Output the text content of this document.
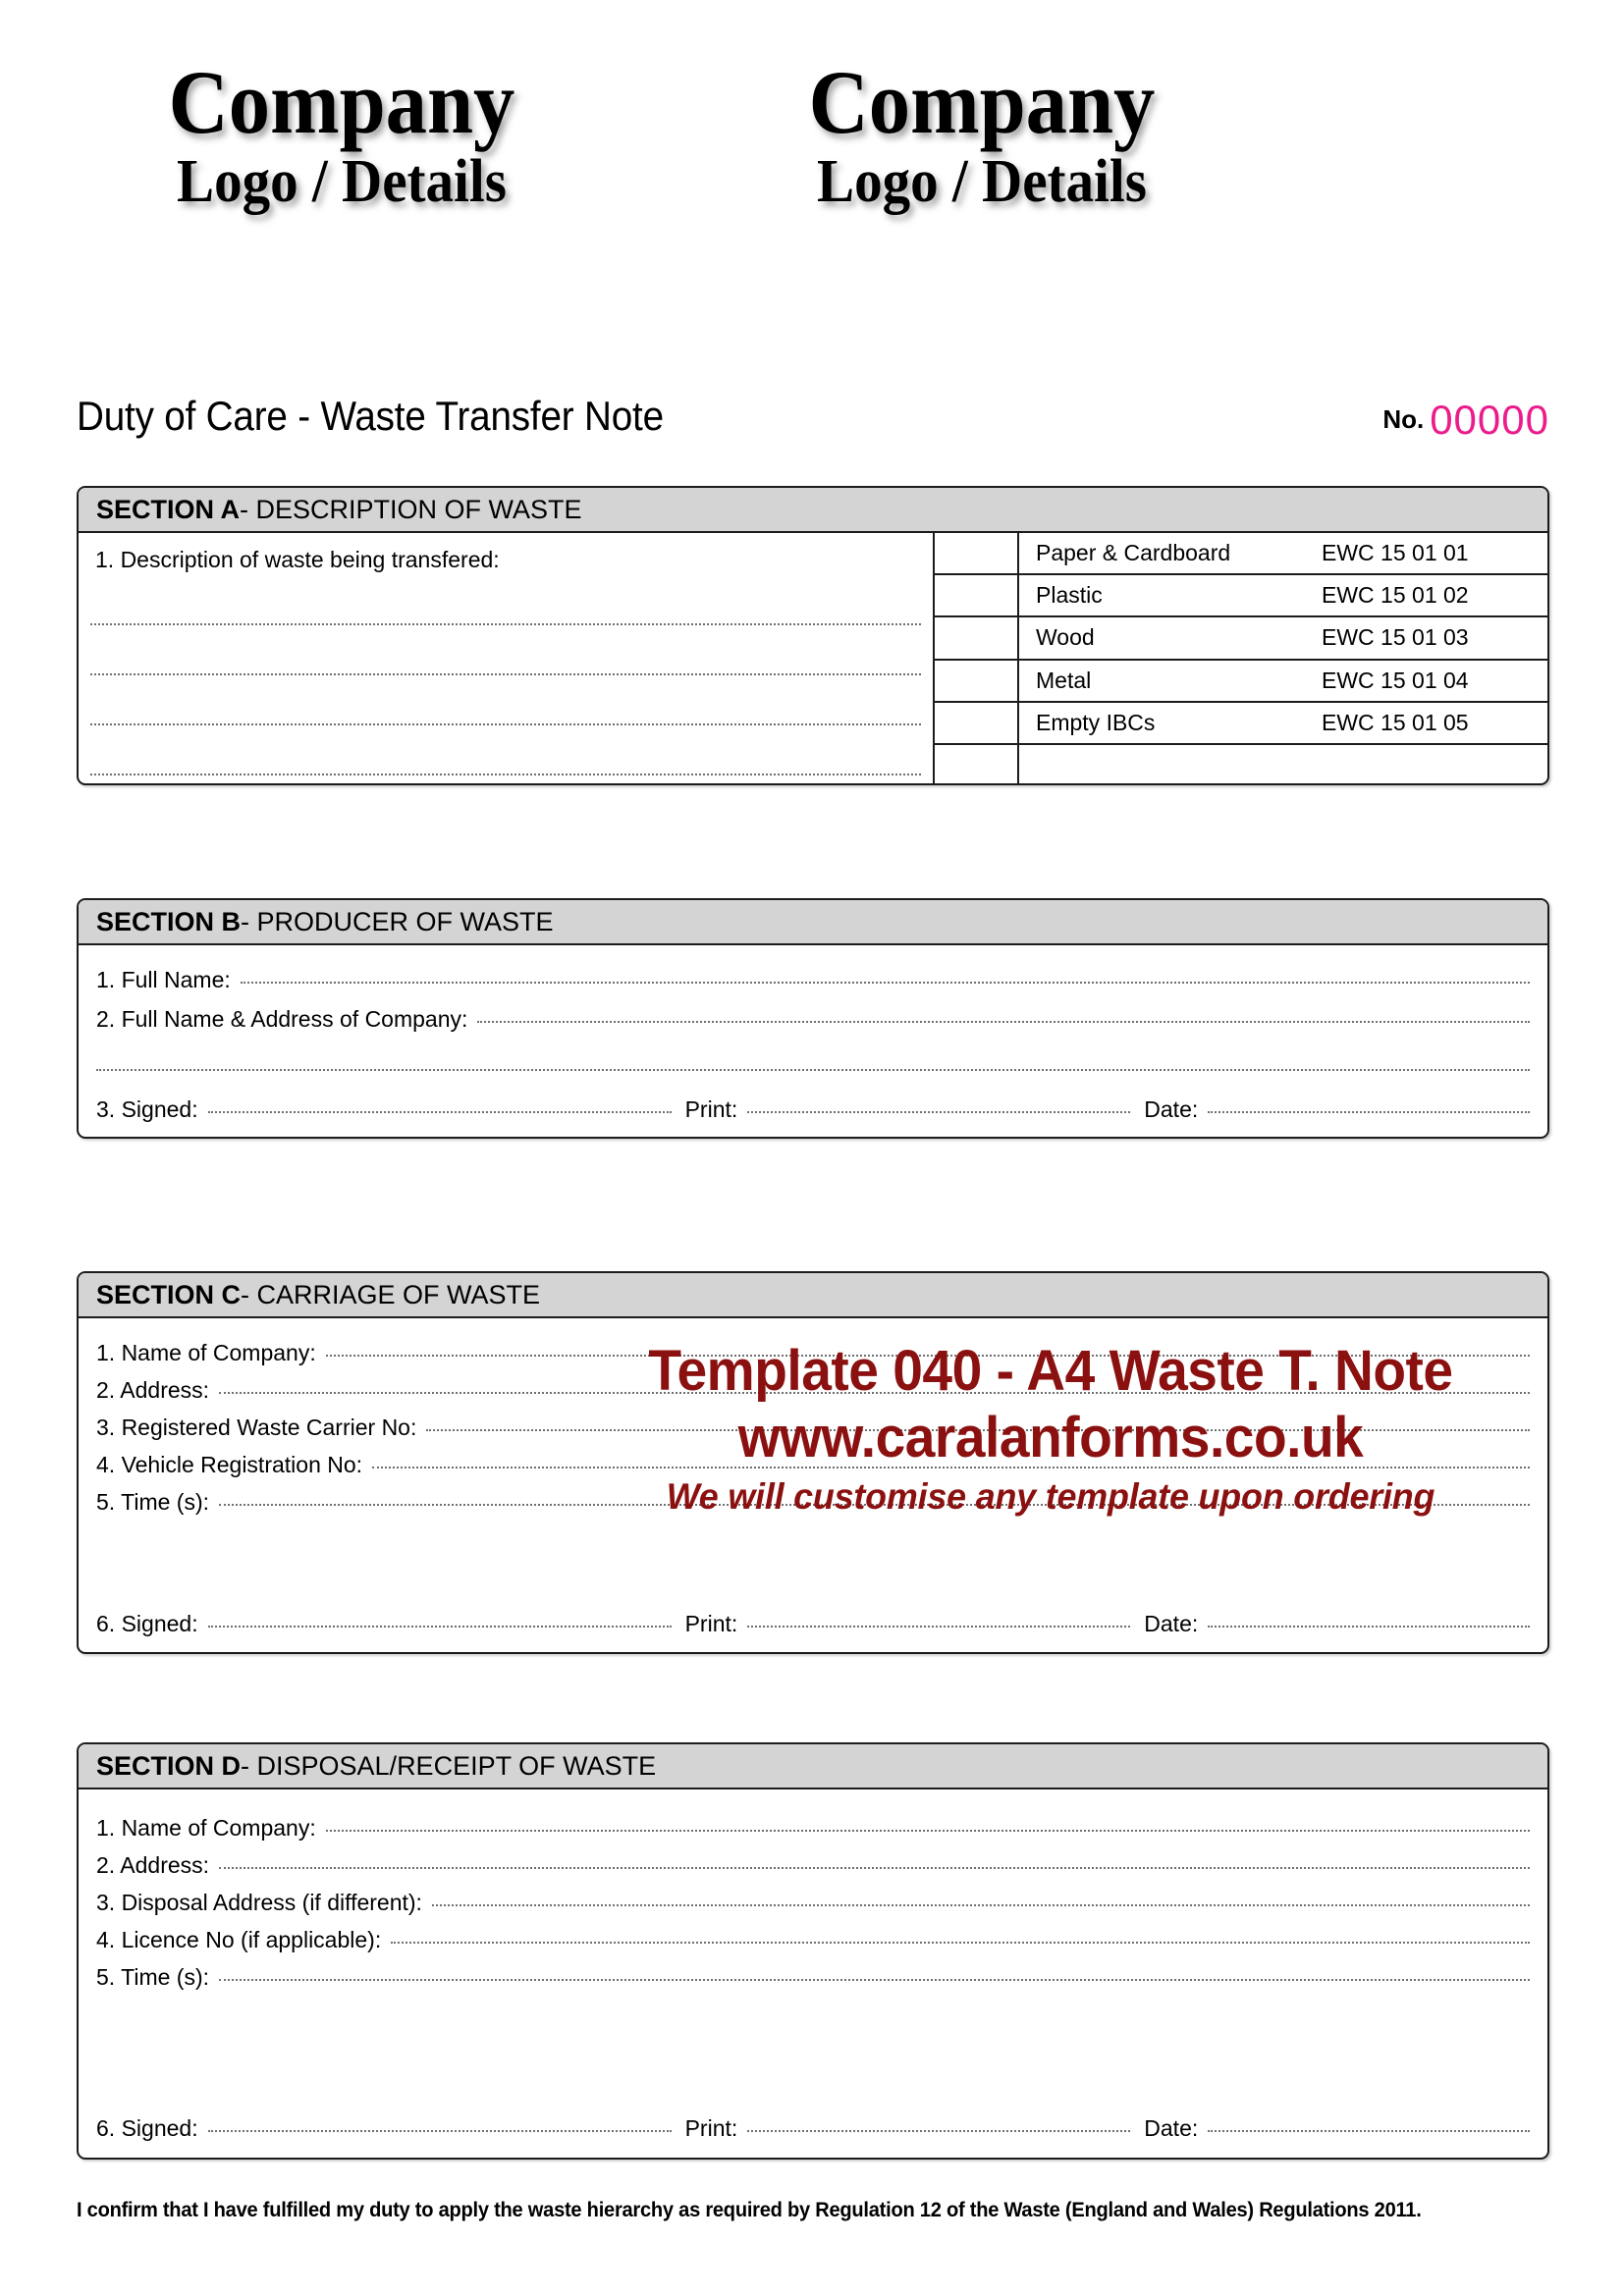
Company
Logo / Details
Company
Logo / Details
Duty of Care - Waste Transfer Note	No. 00000
SECTION A - DESCRIPTION OF WASTE
1. Description of waste being transfered:	Paper & Cardboard	EWC 15 01 01
Plastic	EWC 15 01 02
Wood	EWC 15 01 03
Metal	EWC 15 01 04
Empty IBCs	EWC 15 01 05
SECTION B - PRODUCER OF WASTE
1. Full Name:
2. Full Name & Address of Company:
3. Signed:	Print:	Date:
SECTION C - CARRIAGE OF WASTE
1. Name of Company:
2. Address:
3. Registered Waste Carrier No:
4. Vehicle Registration No:
5. Time (s):
6. Signed:	Print:	Date:
SECTION D - DISPOSAL/RECEIPT OF WASTE
1. Name of Company:
2. Address:
3. Disposal Address (if different):
4. Licence No (if applicable):
5. Time (s):
6. Signed:	Print:	Date:
Template 040 - A4 Waste T. Note
www.caralanforms.co.uk
We will customise any template upon ordering
I confirm that I have fulfilled my duty to apply the waste hierarchy as required by Regulation 12 of the Waste (England and Wales) Regulations 2011.
